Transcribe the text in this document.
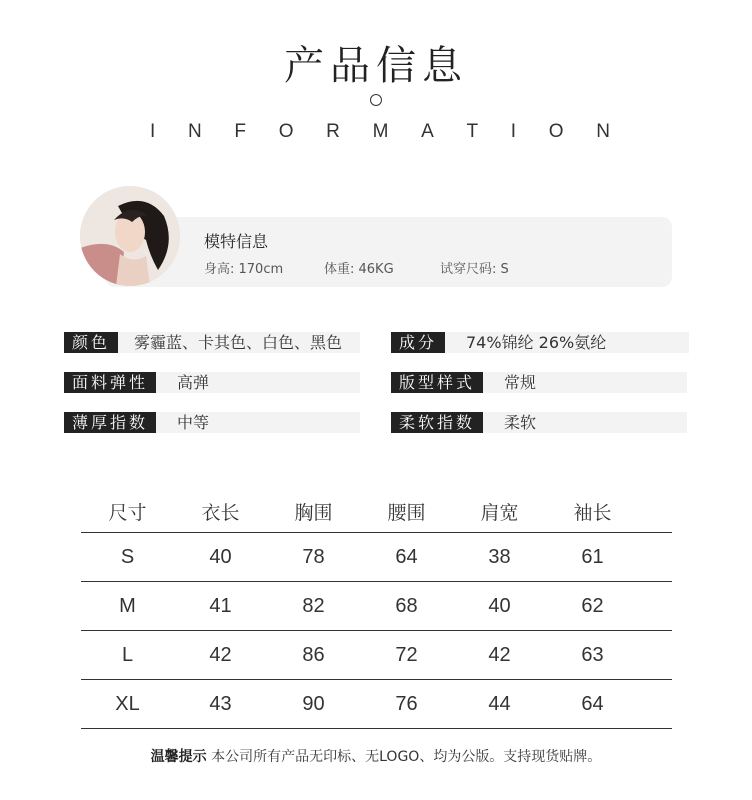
产品信息
I N F O R M A T I O N
模特信息
身高: 170cm	体重: 46KG	试穿尺码: S
颜色	雾霾蓝、卡其色、白色、黑色	成分	74%锦纶 26%氨纶
面料弹性	高弹	版型样式	常规
薄厚指数	中等	柔软指数	柔软
尺寸	衣长	胸围	腰围	肩宽	袖长
S	40	78	64	38	61
M	41	82	68	40	62
L	42	86	72	42	63
XL	43	90	76	44	64
温馨提示 本公司所有产品无印标、无LOGO、均为公版。支持现货贴牌。
